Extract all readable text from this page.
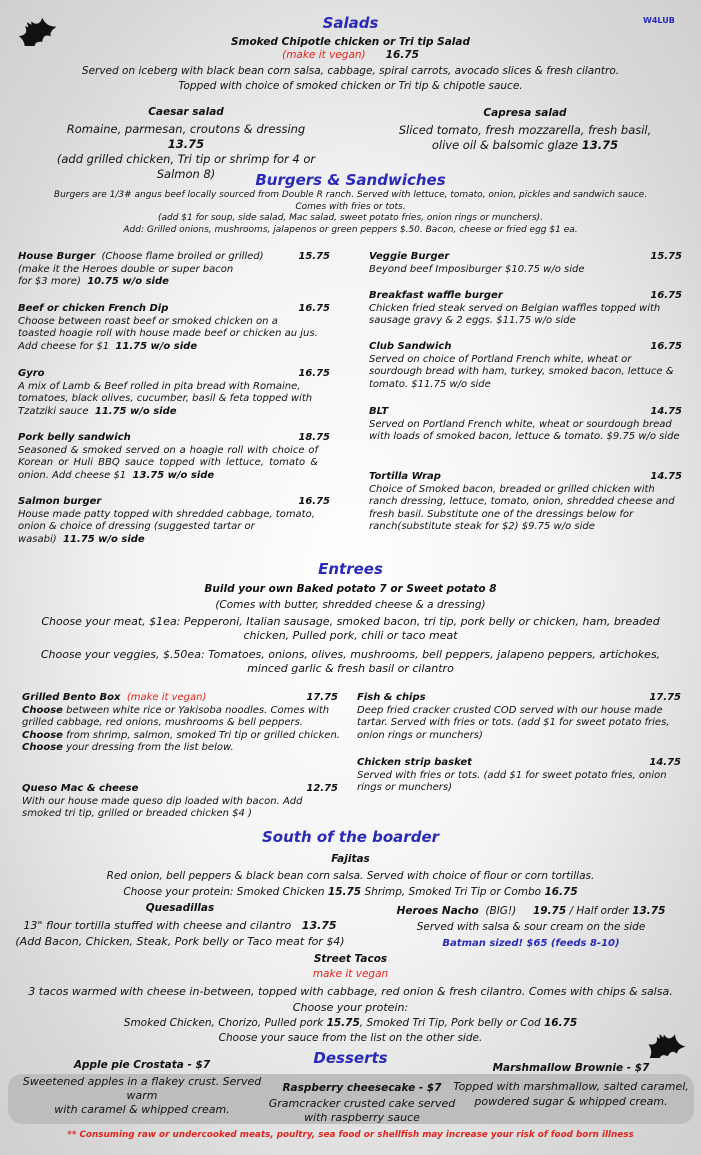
W4LUB
Salads
Smoked Chipotle chicken or Tri tip Salad
(make it vegan) 16.75
Served on iceberg with black bean corn salsa, cabbage, spiral carrots, avocado slices & fresh cilantro.
Topped with choice of smoked chicken or Tri tip & chipotle sauce.
Caesar salad
Romaine, parmesan, croutons & dressing 13.75
(add grilled chicken, Tri tip or shrimp for 4 or
Salmon 8)
Capresa salad
Sliced tomato, fresh mozzarella, fresh basil,
olive oil & balsomic glaze 13.75
Burgers & Sandwiches
Burgers are 1/3# angus beef locally sourced from Double R ranch. Served with lettuce, tomato, onion, pickles and sandwich sauce.
Comes with fries or tots.
(add $1 for soup, side salad, Mac salad, sweet potato fries, onion rings or munchers).
Add: Grilled onions, mushrooms, jalapenos or green peppers $.50. Bacon, cheese or fried egg $1 ea.
House Burger (Choose flame broiled or grilled)	15.75
(make it the Heroes double or super bacon
for $3 more) 10.75 w/o side
Beef or chicken French Dip	16.75
Choose between roast beef or smoked chicken on a toasted hoagie roll with house made beef or chicken au jus. Add cheese for $1 11.75 w/o side
Gyro	16.75
A mix of Lamb & Beef rolled in pita bread with Romaine, tomatoes, black olives, cucumber, basil & feta topped with Tzatziki sauce 11.75 w/o side
Pork belly sandwich	18.75
Seasoned & smoked served on a hoagie roll with choice of Korean or Huli BBQ sauce topped with lettuce, tomato & onion. Add cheese $1 13.75 w/o side
Salmon burger	16.75
House made patty topped with shredded cabbage, tomato, onion & choice of dressing (suggested tartar or wasabi) 11.75 w/o side
Veggie Burger	15.75
Beyond beef Imposiburger $10.75 w/o side
Breakfast waffle burger	16.75
Chicken fried steak served on Belgian waffles topped with sausage gravy & 2 eggs. $11.75 w/o side
Club Sandwich	16.75
Served on choice of Portland French white, wheat or sourdough bread with ham, turkey, smoked bacon, lettuce & tomato. $11.75 w/o side
BLT	14.75
Served on Portland French white, wheat or sourdough bread with loads of smoked bacon, lettuce & tomato. $9.75 w/o side
Tortilla Wrap	14.75
Choice of Smoked bacon, breaded or grilled chicken with ranch dressing, lettuce, tomato, onion, shredded cheese and fresh basil. Substitute one of the dressings below for ranch(substitute steak for $2) $9.75 w/o side
Entrees
Build your own Baked potato 7 or Sweet potato 8
(Comes with butter, shredded cheese & a dressing)
Choose your meat, $1ea: Pepperoni, Italian sausage, smoked bacon, tri tip, pork belly or chicken, ham, breaded chicken, Pulled pork, chili or taco meat
Choose your veggies, $.50ea: Tomatoes, onions, olives, mushrooms, bell peppers, jalapeno peppers, artichokes, minced garlic & fresh basil or cilantro
Grilled Bento Box (make it vegan)	17.75
Choose between white rice or Yakisoba noodles. Comes with grilled cabbage, red onions, mushrooms & bell peppers. Choose from shrimp, salmon, smoked Tri tip or grilled chicken. Choose your dressing from the list below.
Queso Mac & cheese	12.75
With our house made queso dip loaded with bacon. Add smoked tri tip, grilled or breaded chicken $4 )
Fish & chips	17.75
Deep fried cracker crusted COD served with our house made tartar. Served with fries or tots. (add $1 for sweet potato fries, onion rings or munchers)
Chicken strip basket	14.75
Served with fries or tots. (add $1 for sweet potato fries, onion rings or munchers)
South of the boarder
Fajitas
Red onion, bell peppers & black bean corn salsa. Served with choice of flour or corn tortillas.
Choose your protein: Smoked Chicken 15.75 Shrimp, Smoked Tri Tip or Combo 16.75
Quesadillas
13" flour tortilla stuffed with cheese and cilantro 13.75
(Add Bacon, Chicken, Steak, Pork belly or Taco meat for $4)
Heroes Nacho (BIG!) 19.75 / Half order 13.75
Served with salsa & sour cream on the side
Batman sized! $65 (feeds 8-10)
Street Tacos
make it vegan
3 tacos warmed with cheese in-between, topped with cabbage, red onion & fresh cilantro. Comes with chips & salsa.
Choose your protein:
Smoked Chicken, Chorizo, Pulled pork 15.75, Smoked Tri Tip, Pork belly or Cod 16.75
Choose your sauce from the list on the other side.
Desserts
Apple pie Crostata - $7
Sweetened apples in a flakey crust. Served
warm
with caramel & whipped cream.
Raspberry cheesecake - $7
Gramcracker crusted cake served
with raspberry sauce
Marshmallow Brownie - $7
Topped with marshmallow, salted caramel,
powdered sugar & whipped cream.
** Consuming raw or undercooked meats, poultry, sea food or shellfish may increase your risk of food born illness
